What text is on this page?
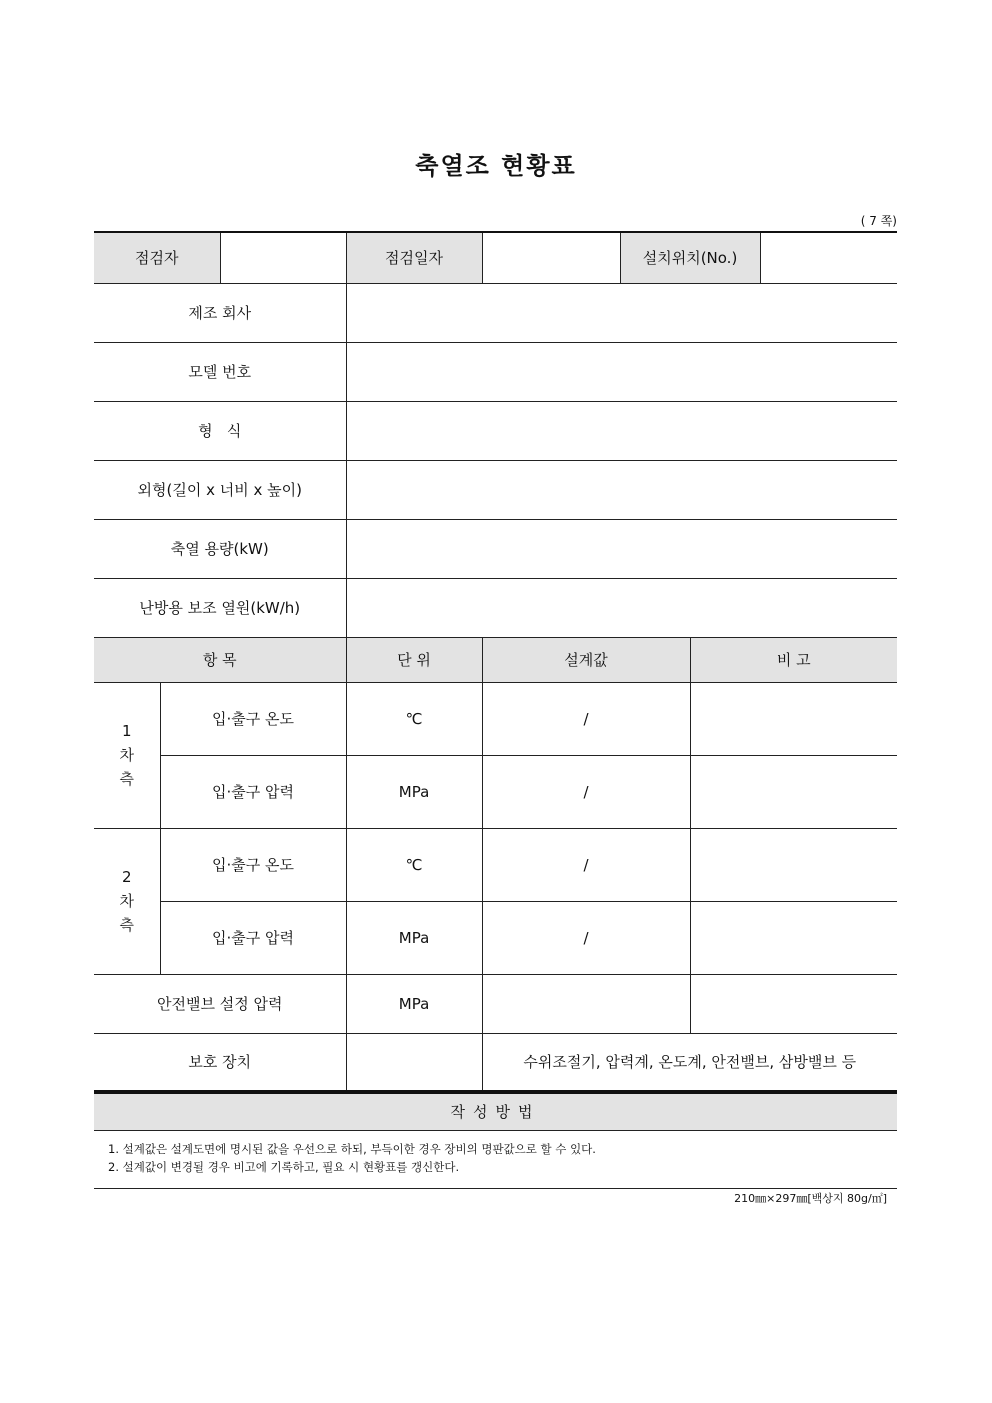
축열조 현황표
( 7 쪽)
점검자			점검일자		설치위치(No.)		
제조 회사							
모델 번호							
형   식							
외형(길이 x 너비 x 높이)							
축열 용량(kW)							
난방용 보조 열원(kW/h)							
항 목			단 위	설계값		비 고	
1
차
측	입·출구 온도		℃	/			
	입·출구 압력		MPa	/			
2
차
측	입·출구 온도		℃	/			
	입·출구 압력		MPa	/			
안전밸브 설정 압력			MPa				
보호 장치				수위조절기, 압력계, 온도계, 안전밸브, 삼방밸브 등			
작성방법
1. 설계값은 설계도면에 명시된 값을 우선으로 하되, 부득이한 경우 장비의 명판값으로 할 수 있다.
2. 설계값이 변경될 경우 비고에 기록하고, 필요 시 현황표를 갱신한다.
210㎜×297㎜[백상지 80g/㎡]
